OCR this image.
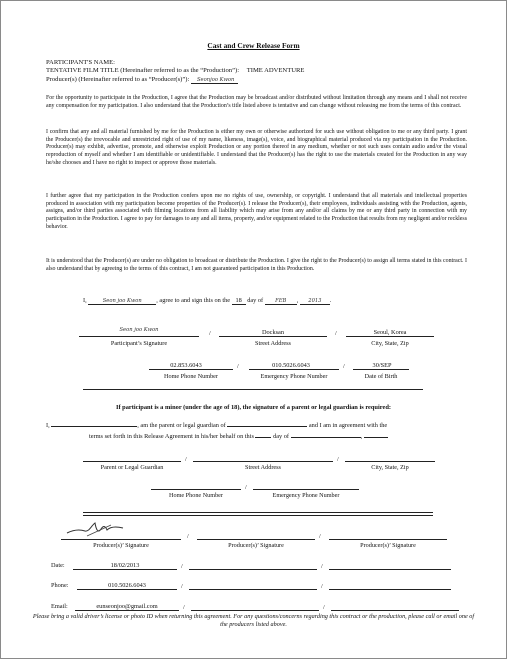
Cast and Crew Release Form
PARTICIPANT'S NAME:
TENTATIVE FILM TITLE (Hereinafter referred to as the “Production”): TIME ADVENTURE
Producer(s) (Hereinafter referred to as “Producer(s)”): Seonjoo Kwon
For the opportunity to participate in the Production, I agree that the Production may be broadcast and/or distributed without limitation through any means and I shall not receive any compensation for my participation. I also understand that the Production’s title listed above is tentative and can change without releasing me from the terms of this contract.
I confirm that any and all material furnished by me for the Production is either my own or otherwise authorized for such use without obligation to me or any third party. I grant the Producer(s) the irrevocable and unrestricted right of use of my name, likeness, image(s), voice, and biographical material produced via my participation in the Production. Producer(s) may exhibit, advertise, promote, and otherwise exploit Production or any portion thereof in any medium, whether or not such uses contain audio and/or the visual reproduction of myself and whether I am identifiable or unidentifiable. I understand that the Producer(s) has the right to use the materials created for the Production in any way he/she chooses and I have no right to inspect or approve those materials.
I further agree that my participation in the Production confers upon me no rights of use, ownership, or copyright. I understand that all materials and intellectual properties produced in association with my participation become properties of the Producer(s). I release the Producer(s), their employees, individuals assisting with the Production, agents, assigns, and/or third parties associated with filming locations from all liability which may arise from any and/or all claims by me or any third party in connection with my participation in the Production. I agree to pay for damages to any and all items, property, and/or equipment related to the Production that results from my negligent and/or reckless behavior.
It is understood that the Producer(s) are under no obligation to broadcast or distribute the Production. I give the right to the Producer(s) to assign all terms stated in this contract. I also understand that by agreeing to the terms of this contract, I am not guaranteed participation in this Production.
I,	Seon joo Kwon , agree to and sign this on the 18 day of FEB , 2013 .
Seon joo Kwon	/	Docksan	/	Seoul, Korea
Participant’s Signature	Street Address	City, State, Zip
02.853.6043	/	010.5026.6043	/	30/SEP
Home Phone Number	Emergency Phone Number	Date of Birth
If participant is a minor (under the age of 18), the signature of a parent or legal guardian is required:
I,	, am the parent or legal guardian of	and I am in agreement with the
terms set forth in this Release Agreement in his/her behalf on this	day of	,
/	/
Parent or Legal Guardian	Street Address	City, State, Zip
/
Home Phone Number	Emergency Phone Number
/	/
Producer(s)’ Signature	Producer(s)’ Signature	Producer(s)’ Signature
Date:	18/02/2013	/	/
Phone:	010.5026.6043	/	/
Email:	eunseonjoo@gmail.com	/	/
Please bring a valid driver’s license or photo ID when returning this agreement. For any questions/concerns regarding this contract or the production, please call or email one of the producers listed above.
